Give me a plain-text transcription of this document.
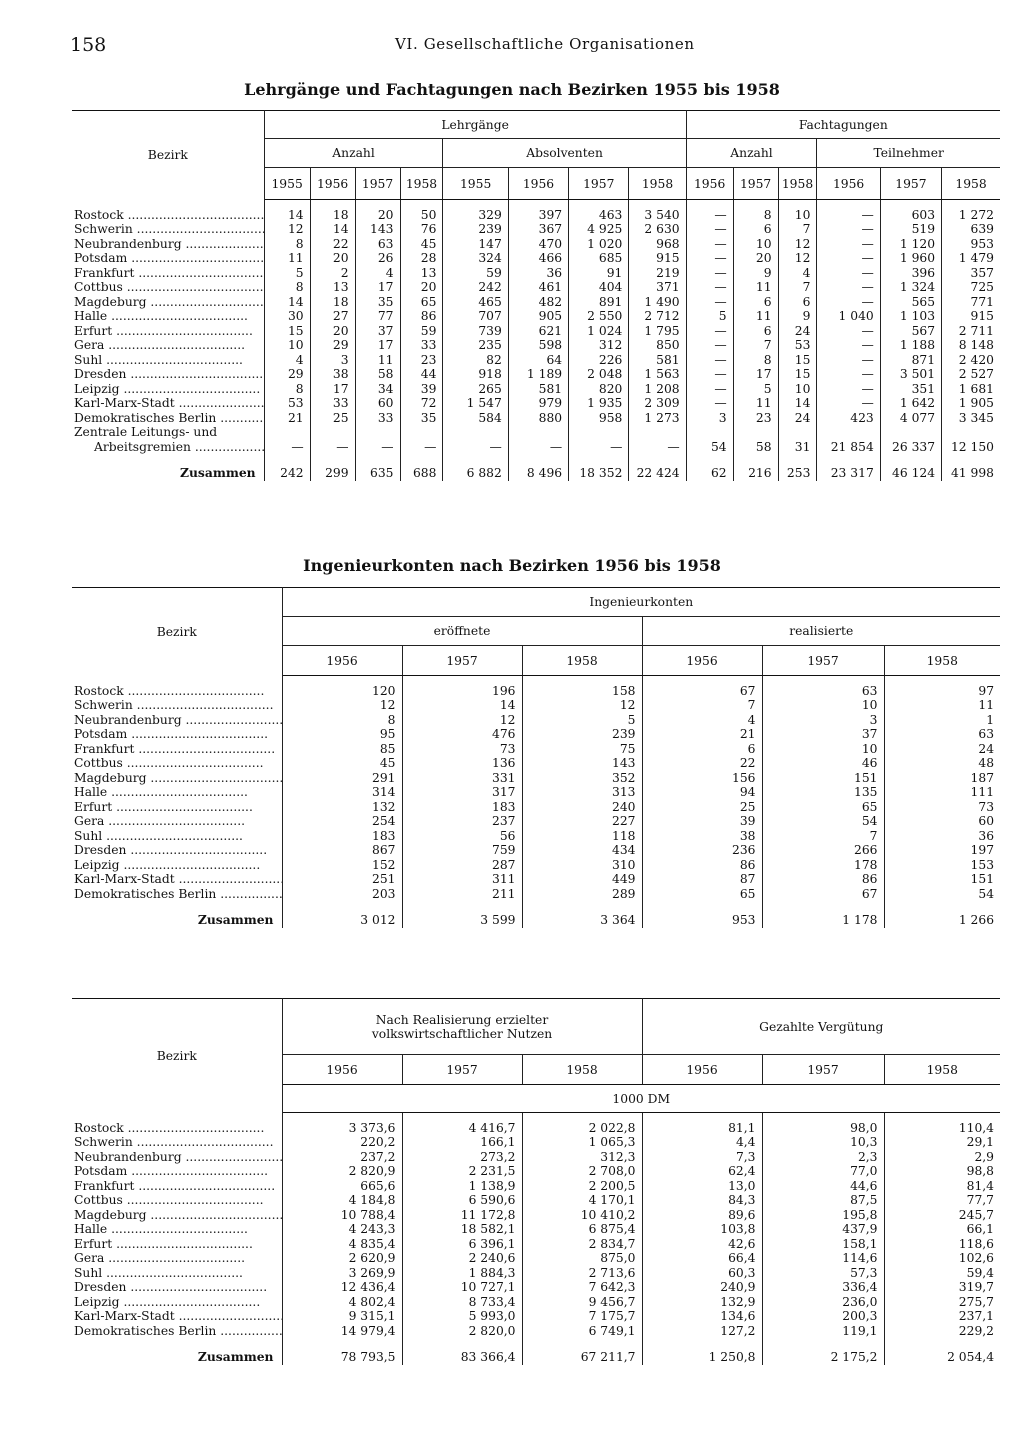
158	VI. Gesellschaftliche Organisationen
Lehrgänge und Fachtagungen nach Bezirken 1955 bis 1958
Bezirk	Lehrgänge								Fachtagungen					
	Anzahl				Absolventen				Anzahl			Teilnehmer		
	1955	1956	1957	1958	1955	1956	1957	1958	1956	1957	1958	1956	1957	1958

Rostock .....	14	18	20	50	329	397	463	3 540	—	8	10	—	603	1 272
Schwerin .....	12	14	143	76	239	367	4 925	2 630	—	6	7	—	519	639
Neubrandenburg .....	8	22	63	45	147	470	1 020	968	—	10	12	—	1 120	953
Potsdam .....	11	20	26	28	324	466	685	915	—	20	12	—	1 960	1 479
Frankfurt .....	5	2	4	13	59	36	91	219	—	9	4	—	396	357
Cottbus .....	8	13	17	20	242	461	404	371	—	11	7	—	1 324	725
Magdeburg .....	14	18	35	65	465	482	891	1 490	—	6	6	—	565	771
Halle .....	30	27	77	86	707	905	2 550	2 712	5	11	9	1 040	1 103	915
Erfurt .....	15	20	37	59	739	621	1 024	1 795	—	6	24	—	567	2 711
Gera .....	10	29	17	33	235	598	312	850	—	7	53	—	1 188	8 148
Suhl .....	4	3	11	23	82	64	226	581	—	8	15	—	871	2 420
Dresden .....	29	38	58	44	918	1 189	2 048	1 563	—	17	15	—	3 501	2 527
Leipzig .....	8	17	34	39	265	581	820	1 208	—	5	10	—	351	1 681
Karl-Marx-Stadt .....	53	33	60	72	1 547	979	1 935	2 309	—	11	14	—	1 642	1 905
Demokratisches Berlin .....	21	25	33	35	584	880	958	1 273	3	23	24	423	4 077	3 345
Zentrale Leitungs- und														
Arbeitsgremien .....	—	—	—	—	—	—	—	—	54	58	31	21 854	26 337	12 150

Zusammen	242	299	635	688	6 882	8 496	18 352	22 424	62	216	253	23 317	46 124	41 998
Ingenieurkonten nach Bezirken 1956 bis 1958
Bezirk	Ingenieurkonten					
	eröffnete			realisierte		
	1956	1957	1958	1956	1957	1958

Rostock .....	120	196	158	67	63	97
Schwerin .....	12	14	12	7	10	11
Neubrandenburg .....	8	12	5	4	3	1
Potsdam .....	95	476	239	21	37	63
Frankfurt .....	85	73	75	6	10	24
Cottbus .....	45	136	143	22	46	48
Magdeburg .....	291	331	352	156	151	187
Halle .....	314	317	313	94	135	111
Erfurt .....	132	183	240	25	65	73
Gera .....	254	237	227	39	54	60
Suhl .....	183	56	118	38	7	36
Dresden .....	867	759	434	236	266	197
Leipzig .....	152	287	310	86	178	153
Karl-Marx-Stadt .....	251	311	449	87	86	151
Demokratisches Berlin .....	203	211	289	65	67	54

Zusammen	3 012	3 599	3 364	953	1 178	1 266
Bezirk	Nach Realisierung erzielter
volkswirtschaftlicher Nutzen			Gezahlte Vergütung		
	1956	1957	1958	1956	1957	1958
	1000 DM					

Rostock .....	3 373,6	4 416,7	2 022,8	81,1	98,0	110,4
Schwerin .....	220,2	166,1	1 065,3	4,4	10,3	29,1
Neubrandenburg .....	237,2	273,2	312,3	7,3	2,3	2,9
Potsdam .....	2 820,9	2 231,5	2 708,0	62,4	77,0	98,8
Frankfurt .....	665,6	1 138,9	2 200,5	13,0	44,6	81,4
Cottbus .....	4 184,8	6 590,6	4 170,1	84,3	87,5	77,7
Magdeburg .....	10 788,4	11 172,8	10 410,2	89,6	195,8	245,7
Halle .....	4 243,3	18 582,1	6 875,4	103,8	437,9	66,1
Erfurt .....	4 835,4	6 396,1	2 834,7	42,6	158,1	118,6
Gera .....	2 620,9	2 240,6	875,0	66,4	114,6	102,6
Suhl .....	3 269,9	1 884,3	2 713,6	60,3	57,3	59,4
Dresden .....	12 436,4	10 727,1	7 642,3	240,9	336,4	319,7
Leipzig .....	4 802,4	8 733,4	9 456,7	132,9	236,0	275,7
Karl-Marx-Stadt .....	9 315,1	5 993,0	7 175,7	134,6	200,3	237,1
Demokratisches Berlin .....	14 979,4	2 820,0	6 749,1	127,2	119,1	229,2

Zusammen	78 793,5	83 366,4	67 211,7	1 250,8	2 175,2	2 054,4
